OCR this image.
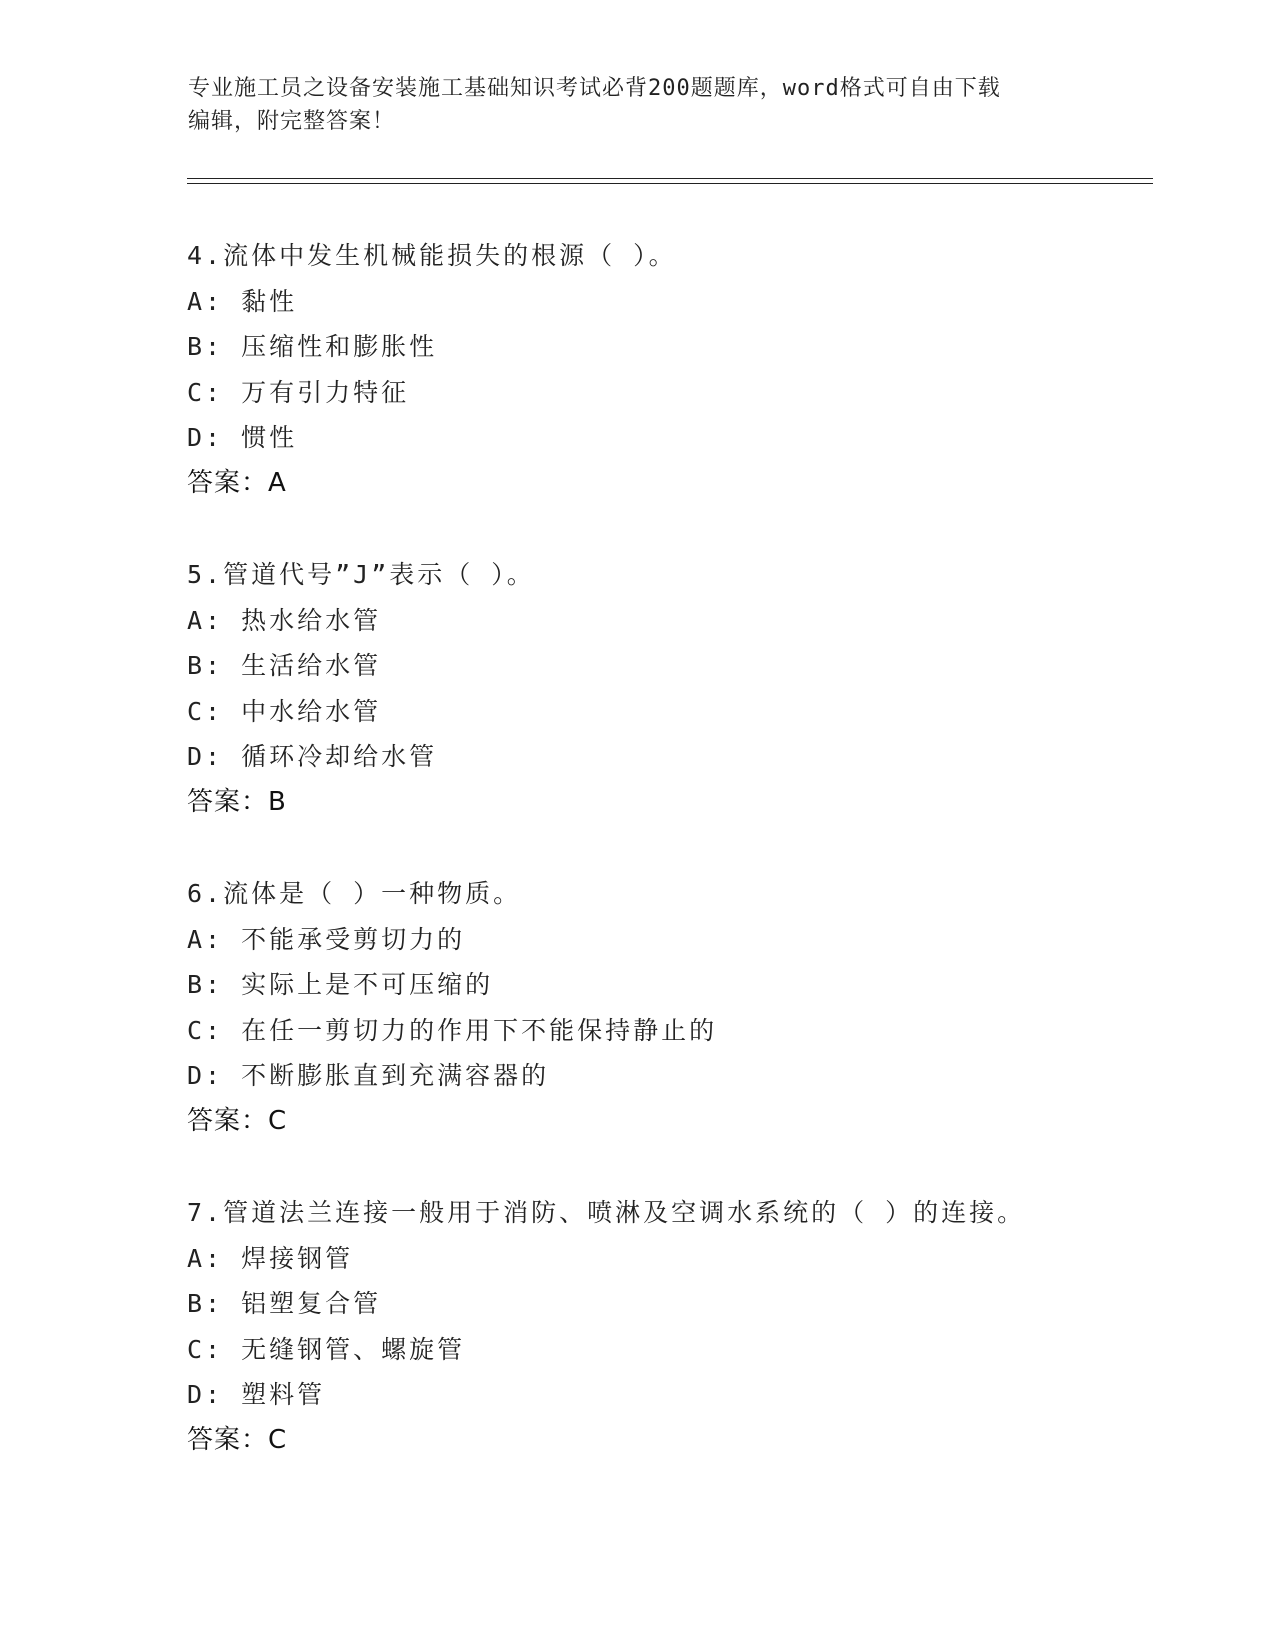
专业施工员之设备安装施工基础知识考试必背200题题库，word格式可自由下载
编辑，附完整答案！
4.流体中发生机械能损失的根源（ ）。
A: 黏性
B: 压缩性和膨胀性
C: 万有引力特征
D: 惯性
答案：A
5.管道代号”J”表示（ ）。
A: 热水给水管
B: 生活给水管
C: 中水给水管
D: 循环冷却给水管
答案：B
6.流体是（ ）一种物质。
A: 不能承受剪切力的
B: 实际上是不可压缩的
C: 在任一剪切力的作用下不能保持静止的
D: 不断膨胀直到充满容器的
答案：C
7.管道法兰连接一般用于消防、喷淋及空调水系统的（ ）的连接。
A: 焊接钢管
B: 铝塑复合管
C: 无缝钢管、螺旋管
D: 塑料管
答案：C
